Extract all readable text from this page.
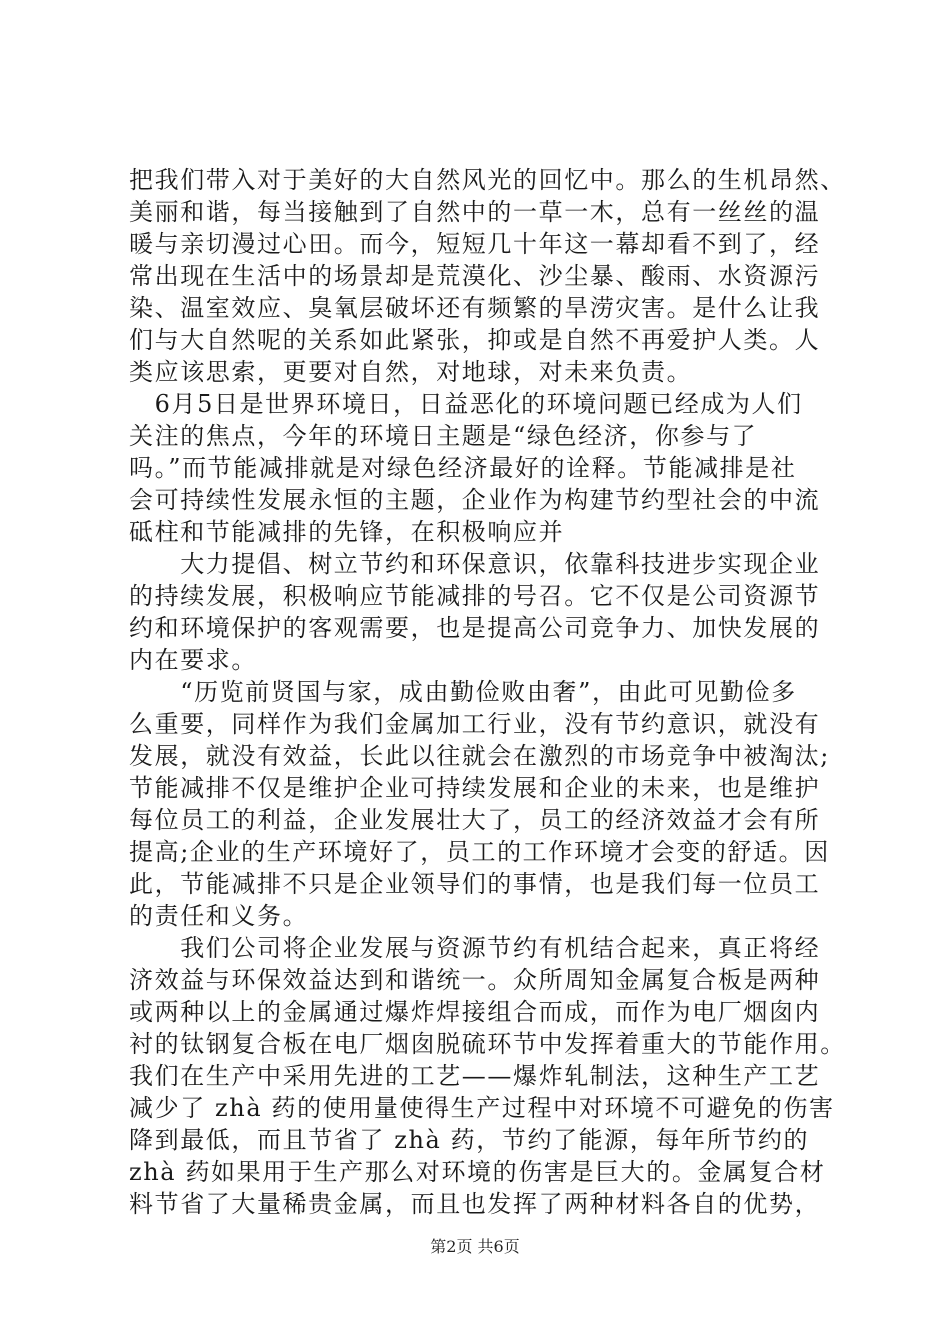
把我们带入对于美好的大自然风光的回忆中。那么的生机昂然、
美丽和谐，每当接触到了自然中的一草一木，总有一丝丝的温
暖与亲切漫过心田。而今，短短几十年这一幕却看不到了，经
常出现在生活中的场景却是荒漠化、沙尘暴、酸雨、水资源污
染、温室效应、臭氧层破坏还有频繁的旱涝灾害。是什么让我
们与大自然呢的关系如此紧张，抑或是自然不再爱护人类。人
类应该思索，更要对自然，对地球，对未来负责。
　6月5日是世界环境日，日益恶化的环境问题已经成为人们
关注的焦点，今年的环境日主题是“绿色经济，你参与了
吗。”而节能减排就是对绿色经济最好的诠释。节能减排是社
会可持续性发展永恒的主题，企业作为构建节约型社会的中流
砥柱和节能减排的先锋，在积极响应并
　　大力提倡、树立节约和环保意识，依靠科技进步实现企业
的持续发展，积极响应节能减排的号召。它不仅是公司资源节
约和环境保护的客观需要，也是提高公司竞争力、加快发展的
内在要求。
　　“历览前贤国与家，成由勤俭败由奢”，由此可见勤俭多
么重要，同样作为我们金属加工行业，没有节约意识，就没有
发展，就没有效益，长此以往就会在激烈的市场竞争中被淘汰;
节能减排不仅是维护企业可持续发展和企业的未来，也是维护
每位员工的利益，企业发展壮大了，员工的经济效益才会有所
提高;企业的生产环境好了，员工的工作环境才会变的舒适。因
此，节能减排不只是企业领导们的事情，也是我们每一位员工
的责任和义务。
　　我们公司将企业发展与资源节约有机结合起来，真正将经
济效益与环保效益达到和谐统一。众所周知金属复合板是两种
或两种以上的金属通过爆炸焊接组合而成，而作为电厂烟囱内
衬的钛钢复合板在电厂烟囱脱硫环节中发挥着重大的节能作用。
我们在生产中采用先进的工艺——爆炸轧制法，这种生产工艺
减少了 zhà 药的使用量使得生产过程中对环境不可避免的伤害
降到最低，而且节省了 zhà 药，节约了能源，每年所节约的
zhà 药如果用于生产那么对环境的伤害是巨大的。金属复合材
料节省了大量稀贵金属，而且也发挥了两种材料各自的优势，
第2页 共6页
